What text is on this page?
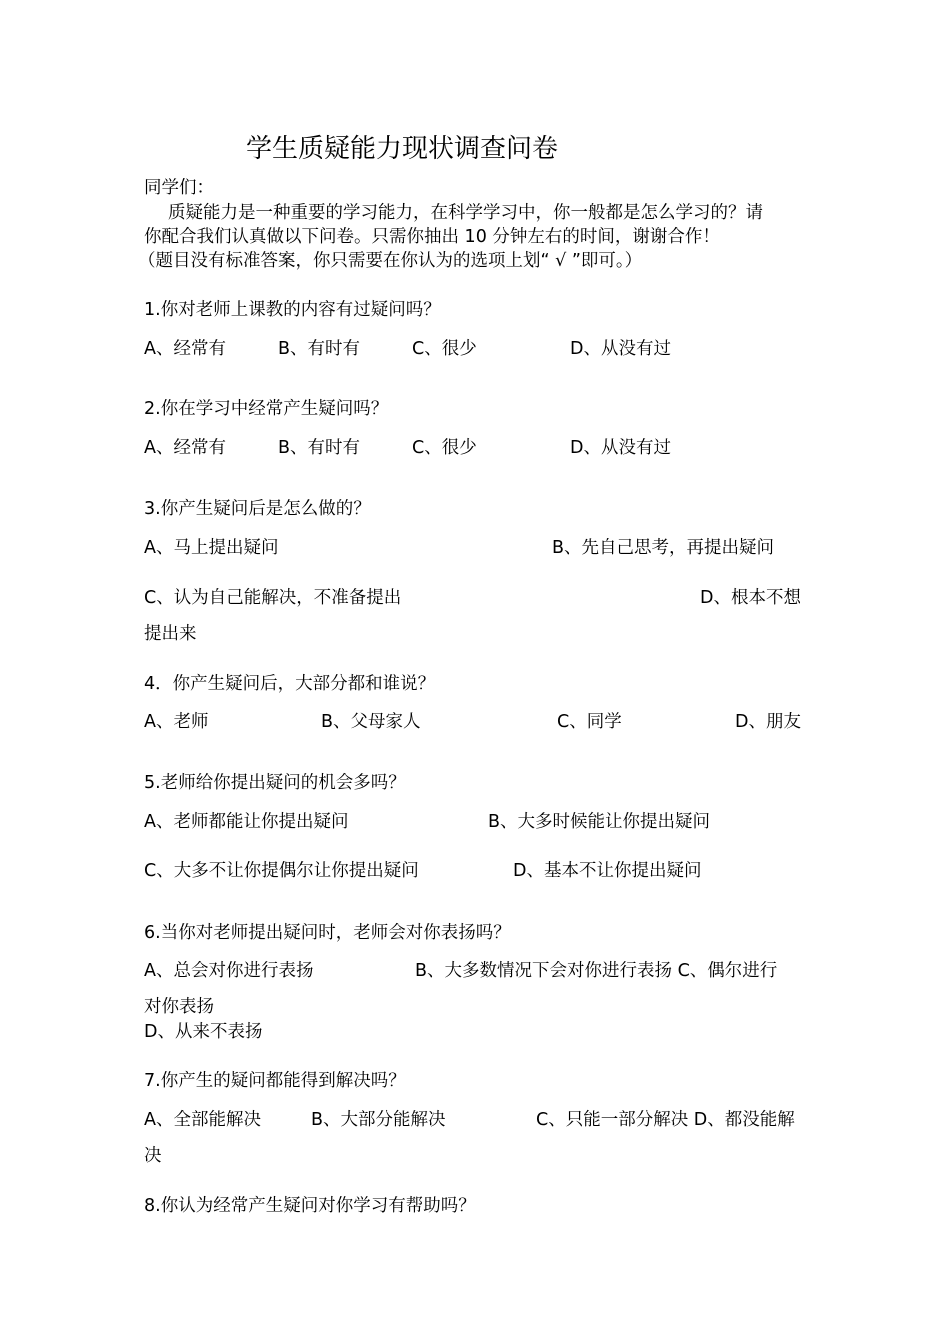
学生质疑能力现状调查问卷
同学们：
质疑能力是一种重要的学习能力，在科学学习中，你一般都是怎么学习的？请
你配合我们认真做以下问卷。只需你抽出 10 分钟左右的时间，谢谢合作！
（题目没有标准答案，你只需要在你认为的选项上划“ √ ”即可。）
1.你对老师上课教的内容有过疑问吗？
A、经常有	B、有时有	C、很少	D、从没有过
2.你在学习中经常产生疑问吗？
A、经常有	B、有时有	C、很少	D、从没有过
3.你产生疑问后是怎么做的？
A、马上提出疑问	B、先自己思考，再提出疑问
C、认为自己能解决，不准备提出	D、根本不想
提出来
4．你产生疑问后，大部分都和谁说？
A、老师	B、父母家人	C、同学	D、朋友
5.老师给你提出疑问的机会多吗？
A、老师都能让你提出疑问	B、大多时候能让你提出疑问
C、大多不让你提偶尔让你提出疑问	D、基本不让你提出疑问
6.当你对老师提出疑问时，老师会对你表扬吗？
A、总会对你进行表扬	B、大多数情况下会对你进行表扬 C、偶尔进行
对你表扬
D、从来不表扬
7.你产生的疑问都能得到解决吗？
A、全部能解决	B、大部分能解决	C、只能一部分解决 D、都没能解
决
8.你认为经常产生疑问对你学习有帮助吗？
